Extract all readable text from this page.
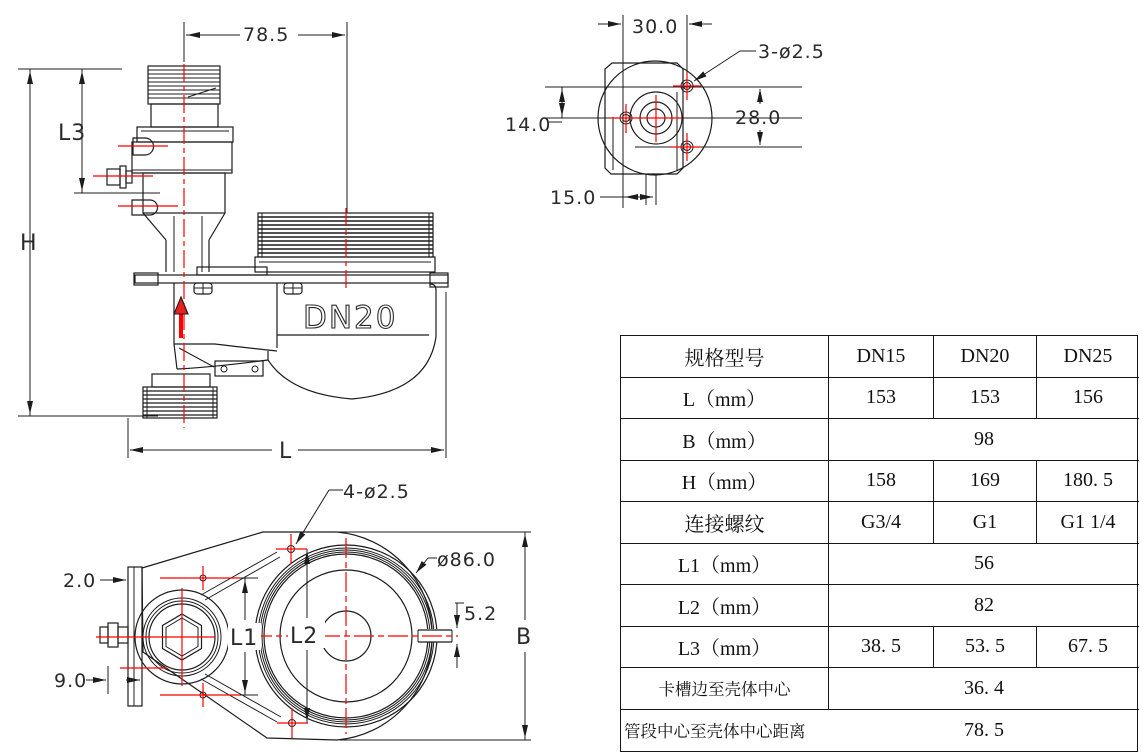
78.5
L3
H
L
DN20
30.0
3-ø2.5
14.0	28.0
15.0
4-ø2.5
ø86.0
2.0
9.0
5.2
B
L1 L2
规格型号	DN15	DN20	DN25
L（mm）	153	153	156
B（mm）	98
H（mm）	158	169	180. 5
连接螺纹	G3/4	G1	G1 1/4
L1（mm）	56
L2（mm）	82
L3（mm）	38. 5	53. 5	67. 5
卡槽边至壳体中心	36. 4
管段中心至壳体中心距离	78. 5
